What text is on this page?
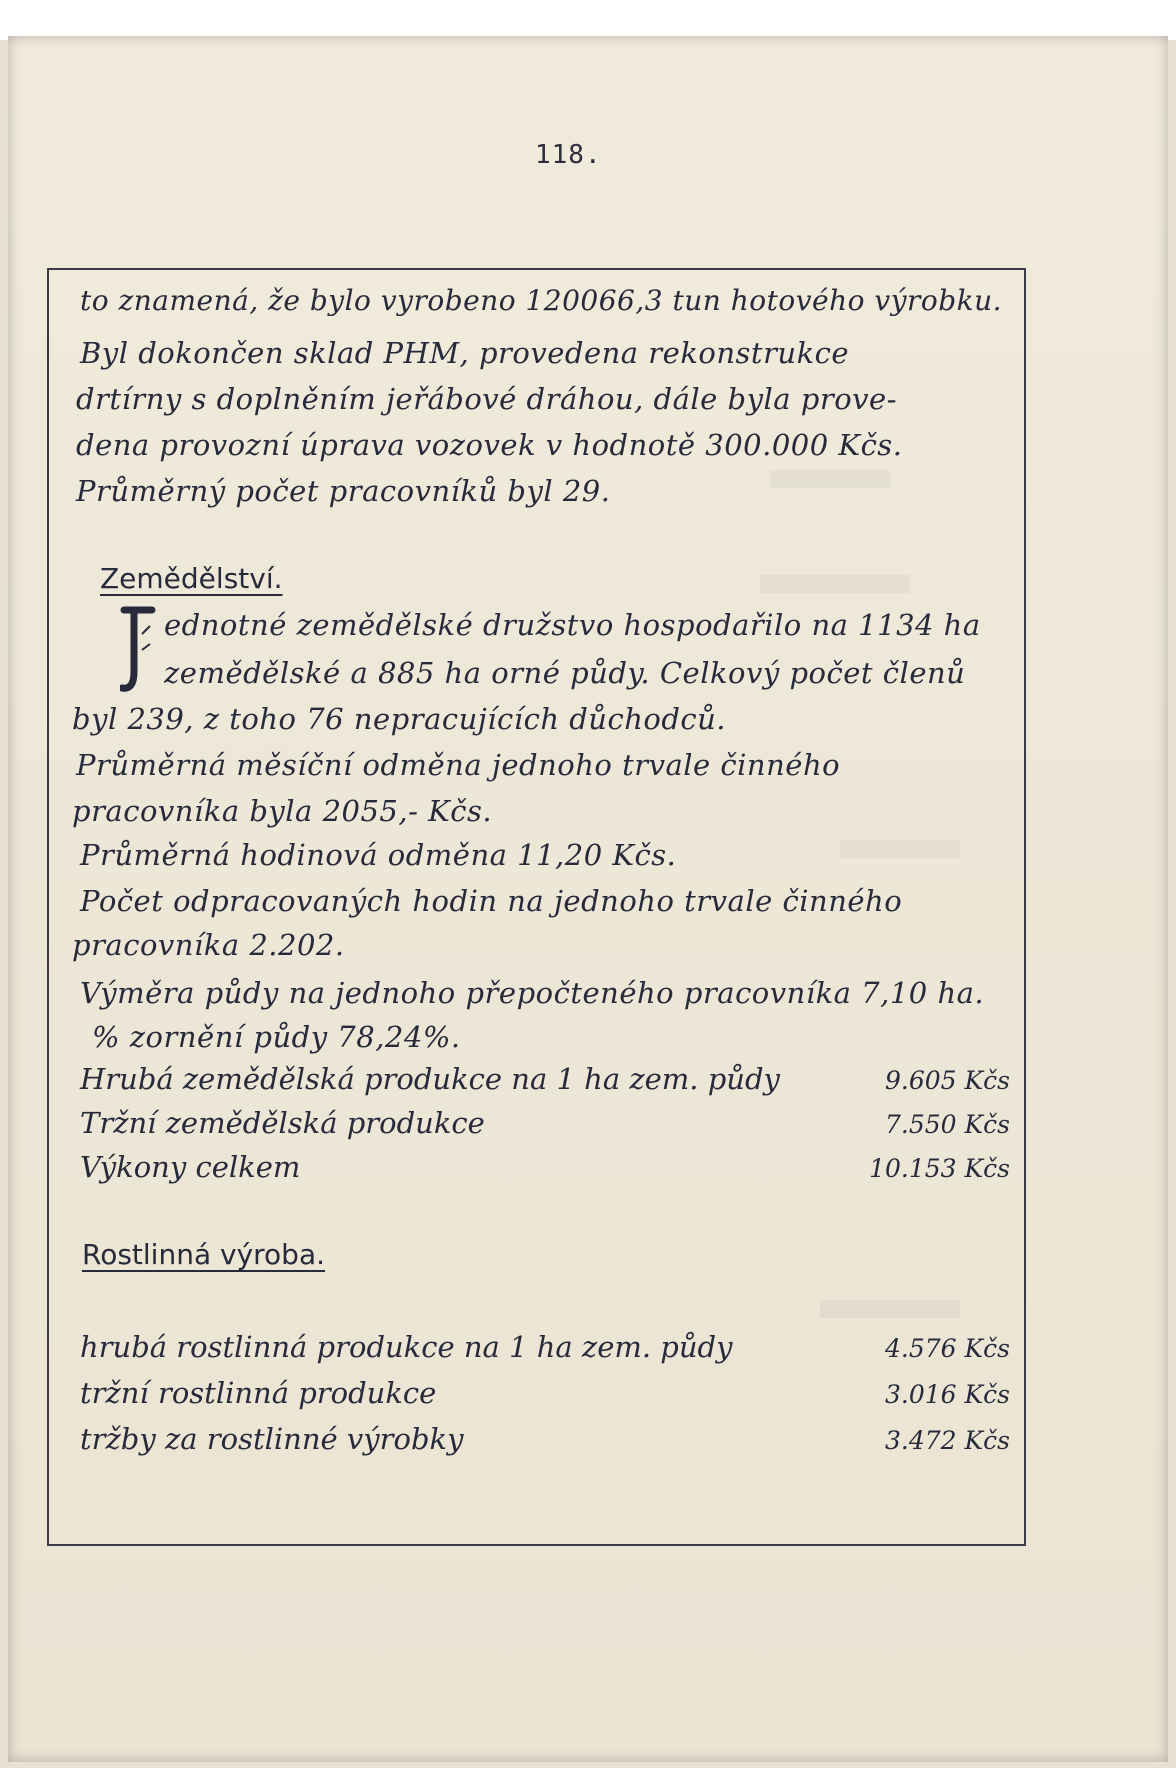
118.
to znamená, že bylo vyrobeno 120066,3 tun hotového výrobku.
Byl dokončen sklad PHM, provedena rekonstrukce
drtírny s doplněním jeřábové dráhou, dále byla prove-
dena provozní úprava vozovek v hodnotě 300.000 Kčs.
Průměrný počet pracovníků byl 29.
Zemědělství.
ednotné zemědělské družstvo hospodařilo na 1134 ha
zemědělské a 885 ha orné půdy. Celkový počet členů
byl 239, z toho 76 nepracujících důchodců.
Průměrná měsíční odměna jednoho trvale činného
pracovníka byla 2055,- Kčs.
Průměrná hodinová odměna 11,20 Kčs.
Počet odpracovaných hodin na jednoho trvale činného
pracovníka 2.202.
Výměra půdy na jednoho přepočteného pracovníka 7,10 ha.
% zornění půdy 78,24%.
Hrubá zemědělská produkce na 1 ha zem. půdy	9.605 Kčs
Tržní zemědělská produkce	7.550 Kčs
Výkony celkem	10.153 Kčs
Rostlinná výroba.
hrubá rostlinná produkce na 1 ha zem. půdy	4.576 Kčs
tržní rostlinná produkce	3.016 Kčs
tržby za rostlinné výrobky	3.472 Kčs
